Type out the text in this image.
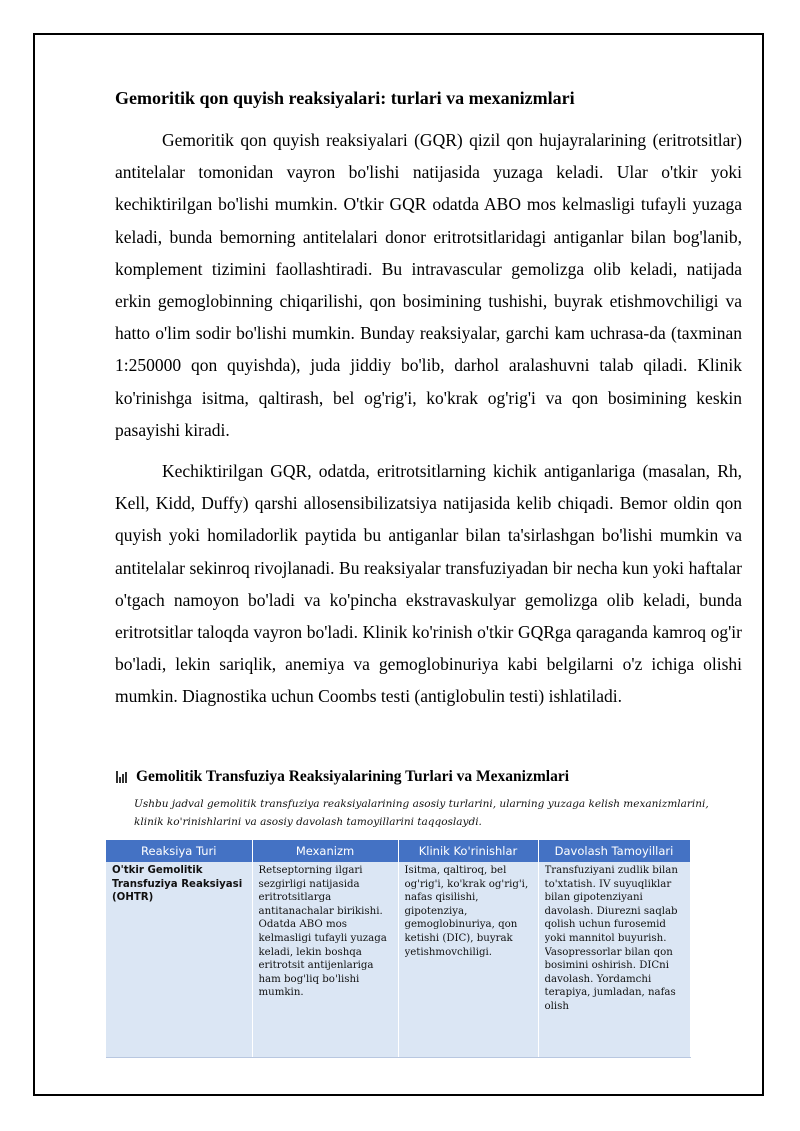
Gemoritik qon quyish reaksiyalari: turlari va mexanizmlari

Gemoritik qon quyish reaksiyalari (GQR) qizil qon hujayralarining (eritrotsitlar) antitelalar tomonidan vayron bo'lishi natijasida yuzaga keladi. Ular o'tkir yoki kechiktirilgan bo'lishi mumkin. O'tkir GQR odatda ABO mos kelmasligi tufayli yuzaga keladi, bunda bemorning antitelalari donor eritrotsitlaridagi antiganlar bilan bog'lanib, komplement tizimini faollashtiradi. Bu intravascular gemolizga olib keladi, natijada erkin gemoglobinning chiqarilishi, qon bosimining tushishi, buyrak etishmovchiligi va hatto o'lim sodir bo'lishi mumkin. Bunday reaksiyalar, garchi kam uchrasa-da (taxminan 1:250000 qon quyishda), juda jiddiy bo'lib, darhol aralashuvni talab qiladi. Klinik ko'rinishga isitma, qaltirash, bel og'rig'i, ko'krak og'rig'i va qon bosimining keskin pasayishi kiradi.

Kechiktirilgan GQR, odatda, eritrotsitlarning kichik antiganlariga (masalan, Rh, Kell, Kidd, Duffy) qarshi allosensibilizatsiya natijasida kelib chiqadi. Bemor oldin qon quyish yoki homiladorlik paytida bu antiganlar bilan ta'sirlashgan bo'lishi mumkin va antitelalar sekinroq rivojlanadi. Bu reaksiyalar transfuziyadan bir necha kun yoki haftalar o'tgach namoyon bo'ladi va ko'pincha ekstravaskulyar gemolizga olib keladi, bunda eritrotsitlar taloqda vayron bo'ladi. Klinik ko'rinish o'tkir GQRga qaraganda kamroq og'ir bo'ladi, lekin sariqlik, anemiya va gemoglobinuriya kabi belgilarni o'z ichiga olishi mumkin. Diagnostika uchun Coombs testi (antiglobulin testi) ishlatiladi.

Gemolitik Transfuziya Reaksiyalarining Turlari va Mexanizmlari

Ushbu jadval gemolitik transfuziya reaksiyalarining asosiy turlarini, ularning yuzaga kelish mexanizmlarini, klinik ko'rinishlarini va asosiy davolash tamoyillarini taqqoslaydi.

Reaksiya Turi	Mexanizm	Klinik Ko'rinishlar	Davolash Tamoyillari

O'tkir Gemolitik Transfuziya Reaksiyasi (OHTR)	Retseptorning ilgari sezgirligi natijasida eritrotsitlarga antitanachalar birikishi. Odatda ABO mos kelmasligi tufayli yuzaga keladi, lekin boshqa eritrotsit antijenlariga ham bog'liq bo'lishi mumkin.	Isitma, qaltiroq, bel og'rig'i, ko'krak og'rig'i, nafas qisilishi, gipotenziya, gemoglobinuriya, qon ketishi (DIC), buyrak yetishmovchiligi.	Transfuziyani zudlik bilan to'xtatish. IV suyuqliklar bilan gipotenziyani davolash. Diurezni saqlab qolish uchun furosemid yoki mannitol buyurish. Vasopressorlar bilan qon bosimini oshirish. DICni davolash. Yordamchi terapiya, jumladan, nafas olish
